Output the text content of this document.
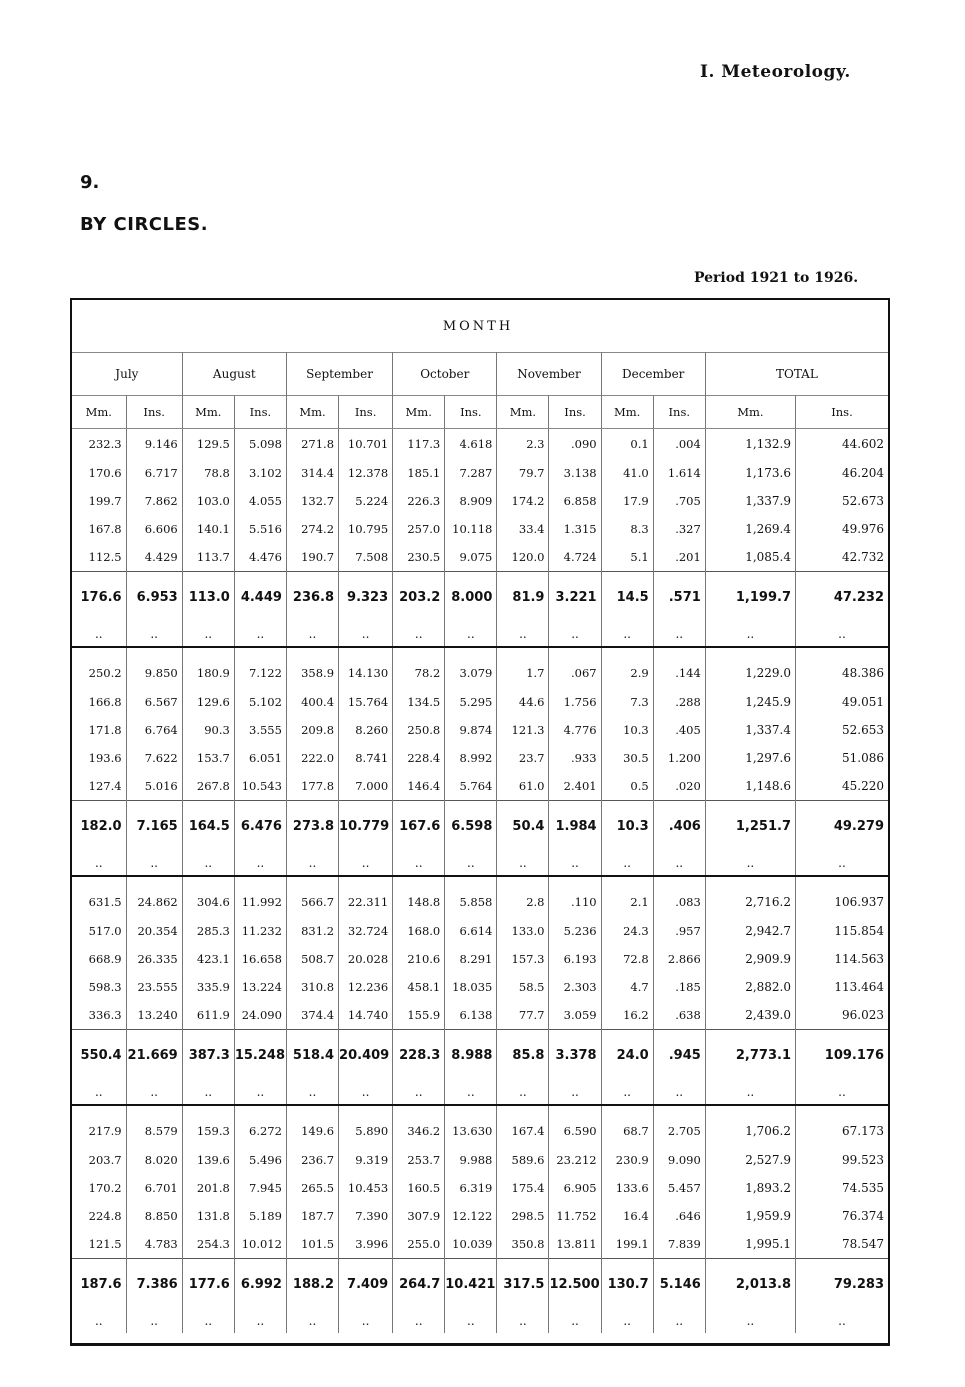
I. Meteorology.
9.
BY CIRCLES.
Period 1921 to 1926.
MONTH													
July		August		September		October		November		December		TOTAL	
Mm.	Ins.	Mm.	Ins.	Mm.	Ins.	Mm.	Ins.	Mm.	Ins.	Mm.	Ins.	Mm.	Ins.
232.3	9.146	129.5	5.098	271.8	10.701	117.3	4.618	2.3	.090	0.1	.004	1,132.9	44.602
170.6	6.717	78.8	3.102	314.4	12.378	185.1	7.287	79.7	3.138	41.0	1.614	1,173.6	46.204
199.7	7.862	103.0	4.055	132.7	5.224	226.3	8.909	174.2	6.858	17.9	.705	1,337.9	52.673
167.8	6.606	140.1	5.516	274.2	10.795	257.0	10.118	33.4	1.315	8.3	.327	1,269.4	49.976
112.5	4.429	113.7	4.476	190.7	7.508	230.5	9.075	120.0	4.724	5.1	.201	1,085.4	42.732
176.6	6.953	113.0	4.449	236.8	9.323	203.2	8.000	81.9	3.221	14.5	.571	1,199.7	47.232
..	..	..	..	..	..	..	..	..	..	..	..	..	..

250.2	9.850	180.9	7.122	358.9	14.130	78.2	3.079	1.7	.067	2.9	.144	1,229.0	48.386
166.8	6.567	129.6	5.102	400.4	15.764	134.5	5.295	44.6	1.756	7.3	.288	1,245.9	49.051
171.8	6.764	90.3	3.555	209.8	8.260	250.8	9.874	121.3	4.776	10.3	.405	1,337.4	52.653
193.6	7.622	153.7	6.051	222.0	8.741	228.4	8.992	23.7	.933	30.5	1.200	1,297.6	51.086
127.4	5.016	267.8	10.543	177.8	7.000	146.4	5.764	61.0	2.401	0.5	.020	1,148.6	45.220
182.0	7.165	164.5	6.476	273.8	10.779	167.6	6.598	50.4	1.984	10.3	.406	1,251.7	49.279
..	..	..	..	..	..	..	..	..	..	..	..	..	..

631.5	24.862	304.6	11.992	566.7	22.311	148.8	5.858	2.8	.110	2.1	.083	2,716.2	106.937
517.0	20.354	285.3	11.232	831.2	32.724	168.0	6.614	133.0	5.236	24.3	.957	2,942.7	115.854
668.9	26.335	423.1	16.658	508.7	20.028	210.6	8.291	157.3	6.193	72.8	2.866	2,909.9	114.563
598.3	23.555	335.9	13.224	310.8	12.236	458.1	18.035	58.5	2.303	4.7	.185	2,882.0	113.464
336.3	13.240	611.9	24.090	374.4	14.740	155.9	6.138	77.7	3.059	16.2	.638	2,439.0	96.023
550.4	21.669	387.3	15.248	518.4	20.409	228.3	8.988	85.8	3.378	24.0	.945	2,773.1	109.176
..	..	..	..	..	..	..	..	..	..	..	..	..	..

217.9	8.579	159.3	6.272	149.6	5.890	346.2	13.630	167.4	6.590	68.7	2.705	1,706.2	67.173
203.7	8.020	139.6	5.496	236.7	9.319	253.7	9.988	589.6	23.212	230.9	9.090	2,527.9	99.523
170.2	6.701	201.8	7.945	265.5	10.453	160.5	6.319	175.4	6.905	133.6	5.457	1,893.2	74.535
224.8	8.850	131.8	5.189	187.7	7.390	307.9	12.122	298.5	11.752	16.4	.646	1,959.9	76.374
121.5	4.783	254.3	10.012	101.5	3.996	255.0	10.039	350.8	13.811	199.1	7.839	1,995.1	78.547
187.6	7.386	177.6	6.992	188.2	7.409	264.7	10.421	317.5	12.500	130.7	5.146	2,013.8	79.283
..	..	..	..	..	..	..	..	..	..	..	..	..	..
